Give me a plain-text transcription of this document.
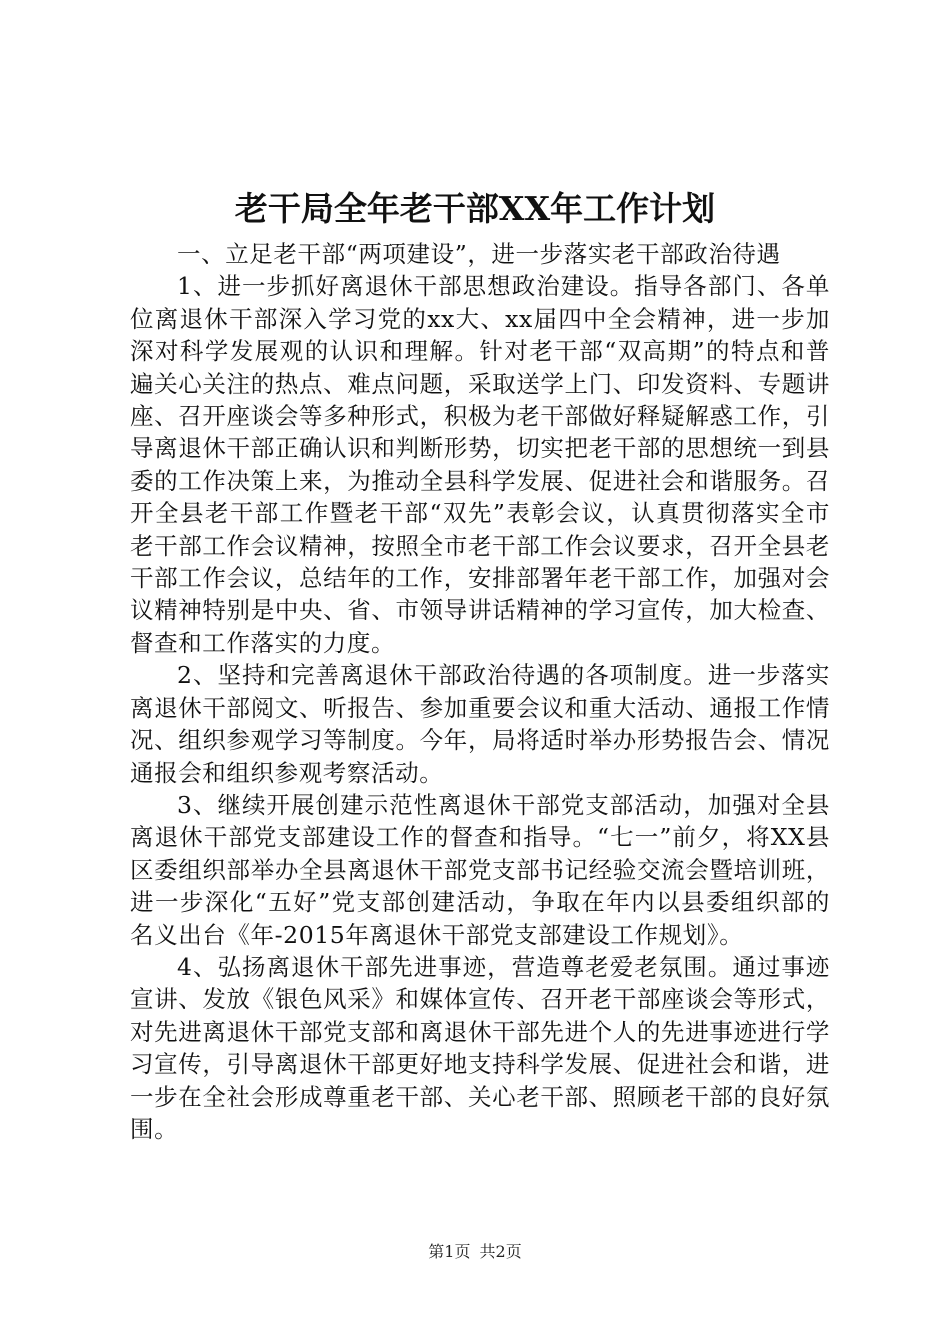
老干局全年老干部XX年工作计划

一、立足老干部“两项建设”，进一步落实老干部政治待遇

1、进一步抓好离退休干部思想政治建设。指导各部门、各单位离退休干部深入学习党的xx大、xx届四中全会精神，进一步加深对科学发展观的认识和理解。针对老干部“双高期”的特点和普遍关心关注的热点、难点问题，采取送学上门、印发资料、专题讲座、召开座谈会等多种形式，积极为老干部做好释疑解惑工作，引导离退休干部正确认识和判断形势，切实把老干部的思想统一到县委的工作决策上来，为推动全县科学发展、促进社会和谐服务。召开全县老干部工作暨老干部“双先”表彰会议，认真贯彻落实全市老干部工作会议精神，按照全市老干部工作会议要求，召开全县老干部工作会议，总结年的工作，安排部署年老干部工作，加强对会议精神特别是中央、省、市领导讲话精神的学习宣传，加大检查、督查和工作落实的力度。

2、坚持和完善离退休干部政治待遇的各项制度。进一步落实离退休干部阅文、听报告、参加重要会议和重大活动、通报工作情况、组织参观学习等制度。今年，局将适时举办形势报告会、情况通报会和组织参观考察活动。

3、继续开展创建示范性离退休干部党支部活动，加强对全县离退休干部党支部建设工作的督查和指导。“七一”前夕，将XX县区委组织部举办全县离退休干部党支部书记经验交流会暨培训班，进一步深化“五好”党支部创建活动，争取在年内以县委组织部的名义出台《年-2015年离退休干部党支部建设工作规划》。

4、弘扬离退休干部先进事迹，营造尊老爱老氛围。通过事迹宣讲、发放《银色风采》和媒体宣传、召开老干部座谈会等形式，对先进离退休干部党支部和离退休干部先进个人的先进事迹进行学习宣传，引导离退休干部更好地支持科学发展、促进社会和谐，进一步在全社会形成尊重老干部、关心老干部、照顾老干部的良好氛围。

第1页 共2页
